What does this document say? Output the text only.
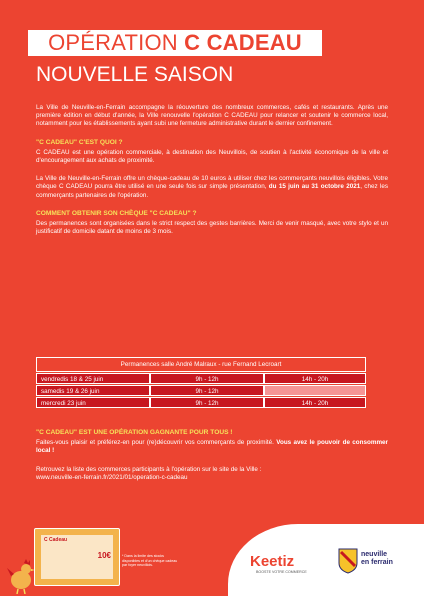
OPÉRATION C CADEAU
NOUVELLE SAISON

La Ville de Neuville-en-Ferrain accompagne la réouverture des nombreux commerces, cafés et restaurants. Après une première édition en début d'année, la Ville renouvelle l'opération C CADEAU pour relancer et soutenir le commerce local, notamment pour les établissements ayant subi une fermeture administrative durant le dernier confinement.

"C CADEAU" C'EST QUOI ?

C CADEAU est une opération commerciale, à destination des Neuvillois, de soutien à l'activité économique de la ville et d'encouragement aux achats de proximité.

La Ville de Neuville-en-Ferrain offre un chèque-cadeau de 10 euros à utiliser chez les commerçants neuvillois éligibles. Votre chèque C CADEAU pourra être utilisé en une seule fois sur simple présentation, du 15 juin au 31 octobre 2021, chez les commerçants partenaires de l'opération.

COMMENT OBTENIR SON CHÈQUE "C CADEAU" ?

Des permanences sont organisées dans le strict respect des gestes barrières. Merci de venir masqué, avec votre stylo et un justificatif de domicile datant de moins de 3 mois.

Permanences salle André Malraux - rue Fernand Lecroart
vendredis 18 & 25 juin	9h - 12h	14h - 20h
samedis 19 & 26 juin	9h - 12h
mercredi 23 juin	9h - 12h	14h - 20h
"C CADEAU" EST UNE OPÉRATION GAGNANTE POUR TOUS !

Faites-vous plaisir et préférez-en pour (re)découvrir vos commerçants de proximité. Vous avez le pouvoir de consommer local !

Retrouvez la liste des commerces participants à l'opération sur le site de la Ville :
www.neuville-en-ferrain.fr/2021/01/operation-c-cadeau

C Cadeau
10€	* Dans la limite des stocks disponibles et d'un chèque cadeau par foyer neuvillois.	Keetiz
BOOSTE VOTRE COMMERCE
neuville
en ferrain
